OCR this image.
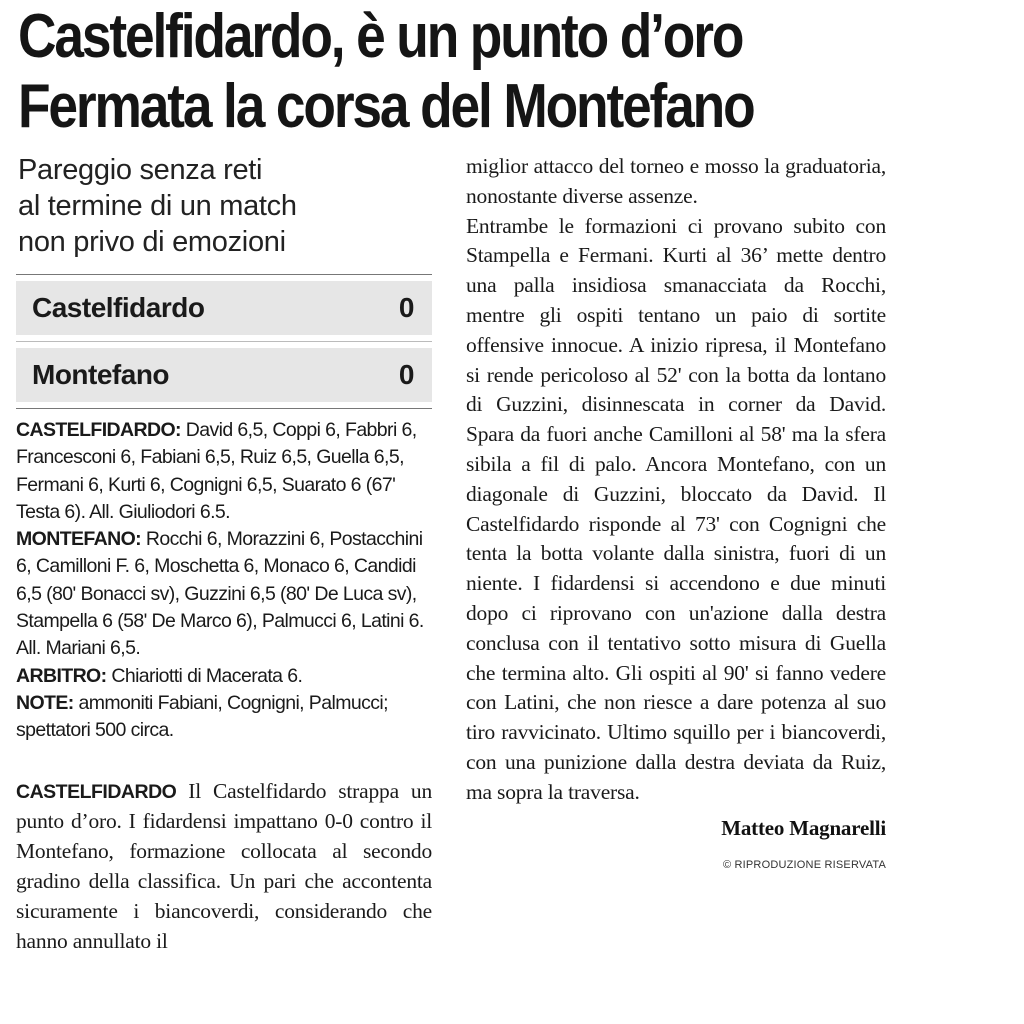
Castelfidardo, è un punto d’oro
Fermata la corsa del Montefano
Pareggio senza reti
al termine di un match
non privo di emozioni
Castelfidardo	0
Montefano	0

CASTELFIDARDO: David 6,5, Coppi 6, Fabbri 6, Francesconi 6, Fabiani 6,5, Ruiz 6,5, Guella 6,5, Fermani 6, Kurti 6, Cognigni 6,5, Suarato 6 (67' Testa 6). All. Giuliodori 6.5.

MONTEFANO: Rocchi 6, Morazzini 6, Postacchini 6, Camilloni F. 6, Moschetta 6, Monaco 6, Candidi 6,5 (80' Bonacci sv), Guzzini 6,5 (80' De Luca sv), Stampella 6 (58' De Marco 6), Palmucci 6, Latini 6. All. Mariani 6,5.

ARBITRO: Chiariotti di Macerata 6.

NOTE: ammoniti Fabiani, Cognigni, Palmucci; spettatori 500 circa.

CASTELFIDARDO Il Castelfidardo strappa un punto d’oro. I fidardensi impattano 0-0 contro il Montefano, formazione collocata al secondo gradino della classifica. Un pari che accontenta sicuramente i biancoverdi, considerando che hanno annullato il

miglior attacco del torneo e mosso la graduatoria, nonostante diverse assenze.

Entrambe le formazioni ci provano subito con Stampella e Fermani. Kurti al 36’ mette dentro una palla insidiosa smanacciata da Rocchi, mentre gli ospiti tentano un paio di sortite offensive innocue. A inizio ripresa, il Montefano si rende pericoloso al 52' con la botta da lontano di Guzzini, disinnescata in corner da David. Spara da fuori anche Camilloni al 58' ma la sfera sibila a fil di palo. Ancora Montefano, con un diagonale di Guzzini, bloccato da David. Il Castelfidardo risponde al 73' con Cognigni che tenta la botta volante dalla sinistra, fuori di un niente. I fidardensi si accendono e due minuti dopo ci riprovano con un'azione dalla destra conclusa con il tentativo sotto misura di Guella che termina alto. Gli ospiti al 90' si fanno vedere con Latini, che non riesce a dare potenza al suo tiro ravvicinato. Ultimo squillo per i biancoverdi, con una punizione dalla destra deviata da Ruiz, ma sopra la traversa.

Matteo Magnarelli
© RIPRODUZIONE RISERVATA
